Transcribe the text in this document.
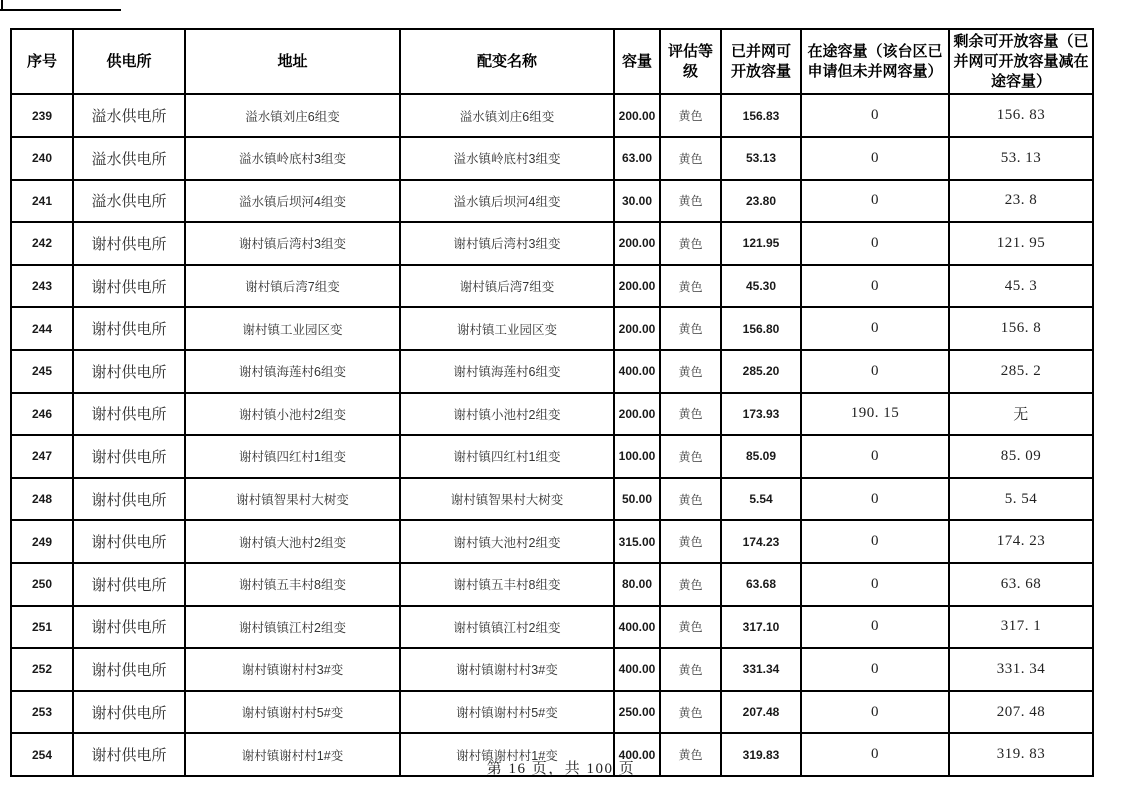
序号	供电所	地址	配变名称	容量	评估等级	已并网可开放容量	在途容量（该台区已申请但未并网容量）	剩余可开放容量（已并网可开放容量减在途容量）
239	溢水供电所	溢水镇刘庄6组变	溢水镇刘庄6组变	200.00	黄色	156.83	0	156. 83
240	溢水供电所	溢水镇岭底村3组变	溢水镇岭底村3组变	63.00	黄色	53.13	0	53. 13
241	溢水供电所	溢水镇后坝河4组变	溢水镇后坝河4组变	30.00	黄色	23.80	0	23. 8
242	谢村供电所	谢村镇后湾村3组变	谢村镇后湾村3组变	200.00	黄色	121.95	0	121. 95
243	谢村供电所	谢村镇后湾7组变	谢村镇后湾7组变	200.00	黄色	45.30	0	45. 3
244	谢村供电所	谢村镇工业园区变	谢村镇工业园区变	200.00	黄色	156.80	0	156. 8
245	谢村供电所	谢村镇海莲村6组变	谢村镇海莲村6组变	400.00	黄色	285.20	0	285. 2
246	谢村供电所	谢村镇小池村2组变	谢村镇小池村2组变	200.00	黄色	173.93	190. 15	无
247	谢村供电所	谢村镇四红村1组变	谢村镇四红村1组变	100.00	黄色	85.09	0	85. 09
248	谢村供电所	谢村镇智果村大树变	谢村镇智果村大树变	50.00	黄色	5.54	0	5. 54
249	谢村供电所	谢村镇大池村2组变	谢村镇大池村2组变	315.00	黄色	174.23	0	174. 23
250	谢村供电所	谢村镇五丰村8组变	谢村镇五丰村8组变	80.00	黄色	63.68	0	63. 68
251	谢村供电所	谢村镇镇江村2组变	谢村镇镇江村2组变	400.00	黄色	317.10	0	317. 1
252	谢村供电所	谢村镇谢村村3#变	谢村镇谢村村3#变	400.00	黄色	331.34	0	331. 34
253	谢村供电所	谢村镇谢村村5#变	谢村镇谢村村5#变	250.00	黄色	207.48	0	207. 48
254	谢村供电所	谢村镇谢村村1#变	谢村镇谢村村1#变	400.00	黄色	319.83	0	319. 83
第 16 页，共 100 页
